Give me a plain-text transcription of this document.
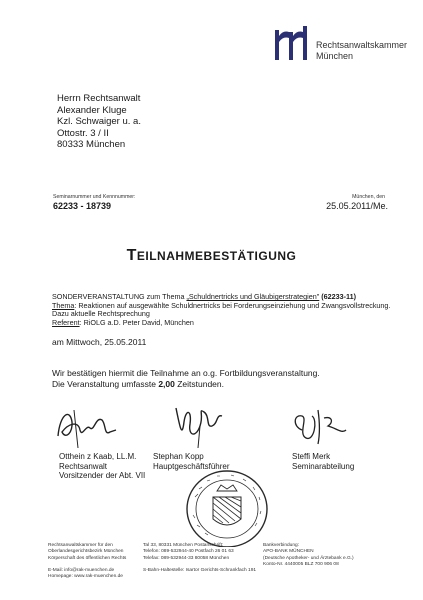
Rechtsanwaltskammer
München
Herrn Rechtsanwalt
Alexander Kluge
Kzl. Schwaiger u. a.
Ottostr. 3 / II
80333 München
Seminarnummer und Kennnummer:
62233 - 18739
München, den
25.05.2011/Me.
TEILNAHMEBESTÄTIGUNG
SONDERVERANSTALTUNG zum Thema „Schuldnertricks und Gläubigerstrategien" (62233-11)
Thema: Reaktionen auf ausgewählte Schuldnertricks bei Forderungseinziehung und Zwangsvollstreckung.
Dazu aktuelle Rechtsprechung
Referent: RiOLG a.D. Peter David, München
am Mittwoch, 25.05.2011
Wir bestätigen hiermit die Teilnahme an o.g. Fortbildungsveranstaltung.
Die Veranstaltung umfasste 2,00 Zeitstunden.
Otthein z Kaab, LL.M.
Rechtsanwalt
Vorsitzender der Abt. VII
Stephan Kopp
Hauptgeschäftsführer
Steffi Merk
Seminarabteilung
Rechtsanwaltskammer für den
Oberlandesgerichtsbezirk München
Körperschaft des öffentlichen Rechts

E-Mail: info@rak-muenchen.de
Homepage: www.rak-muenchen.de
Tal 33, 80331 München Postanschrift:
Telefon: 089-532944-40 Postfach 26 01 63
Telefax: 089-532944-33 80058 München

S-Bahn-Haltestelle: Isartor Gerichts-Schrankfach 191
Bankverbindung:
APO-BANK MÜNCHEN
(Deutsche Apotheker- und Ärztebank e.G.)
Konto-Nr. 4440005 BLZ 700 906 08
